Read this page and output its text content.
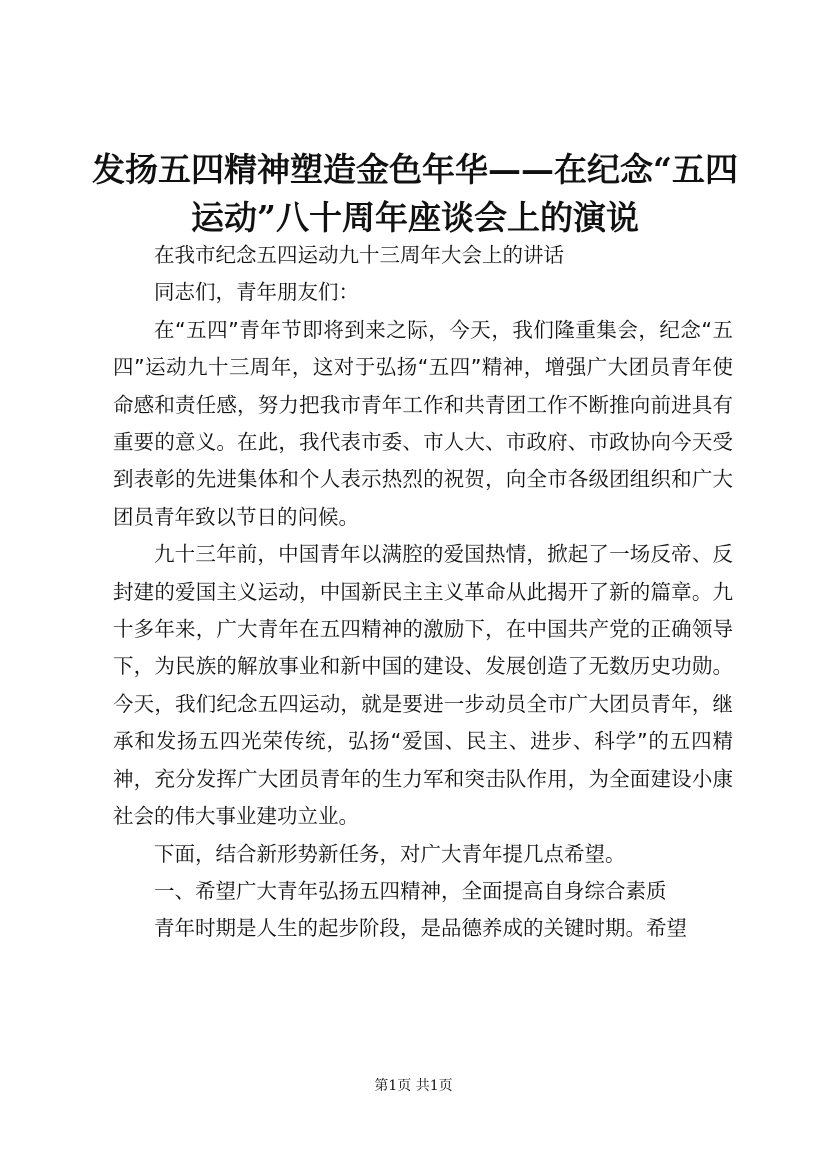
发扬五四精神塑造金色年华——在纪念“五四运动”八十周年座谈会上的演说

在我市纪念五四运动九十三周年大会上的讲话

同志们，青年朋友们：

在“五四”青年节即将到来之际，今天，我们隆重集会，纪念“五四”运动九十三周年，这对于弘扬“五四”精神，增强广大团员青年使命感和责任感，努力把我市青年工作和共青团工作不断推向前进具有重要的意义。在此，我代表市委、市人大、市政府、市政协向今天受到表彰的先进集体和个人表示热烈的祝贺，向全市各级团组织和广大团员青年致以节日的问候。

九十三年前，中国青年以满腔的爱国热情，掀起了一场反帝、反封建的爱国主义运动，中国新民主主义革命从此揭开了新的篇章。九十多年来，广大青年在五四精神的激励下，在中国共产党的正确领导下，为民族的解放事业和新中国的建设、发展创造了无数历史功勋。今天，我们纪念五四运动，就是要进一步动员全市广大团员青年，继承和发扬五四光荣传统，弘扬“爱国、民主、进步、科学”的五四精神，充分发挥广大团员青年的生力军和突击队作用，为全面建设小康社会的伟大事业建功立业。

下面，结合新形势新任务，对广大青年提几点希望。

一、希望广大青年弘扬五四精神，全面提高自身综合素质

青年时期是人生的起步阶段，是品德养成的关键时期。希望

第1页 共1页
